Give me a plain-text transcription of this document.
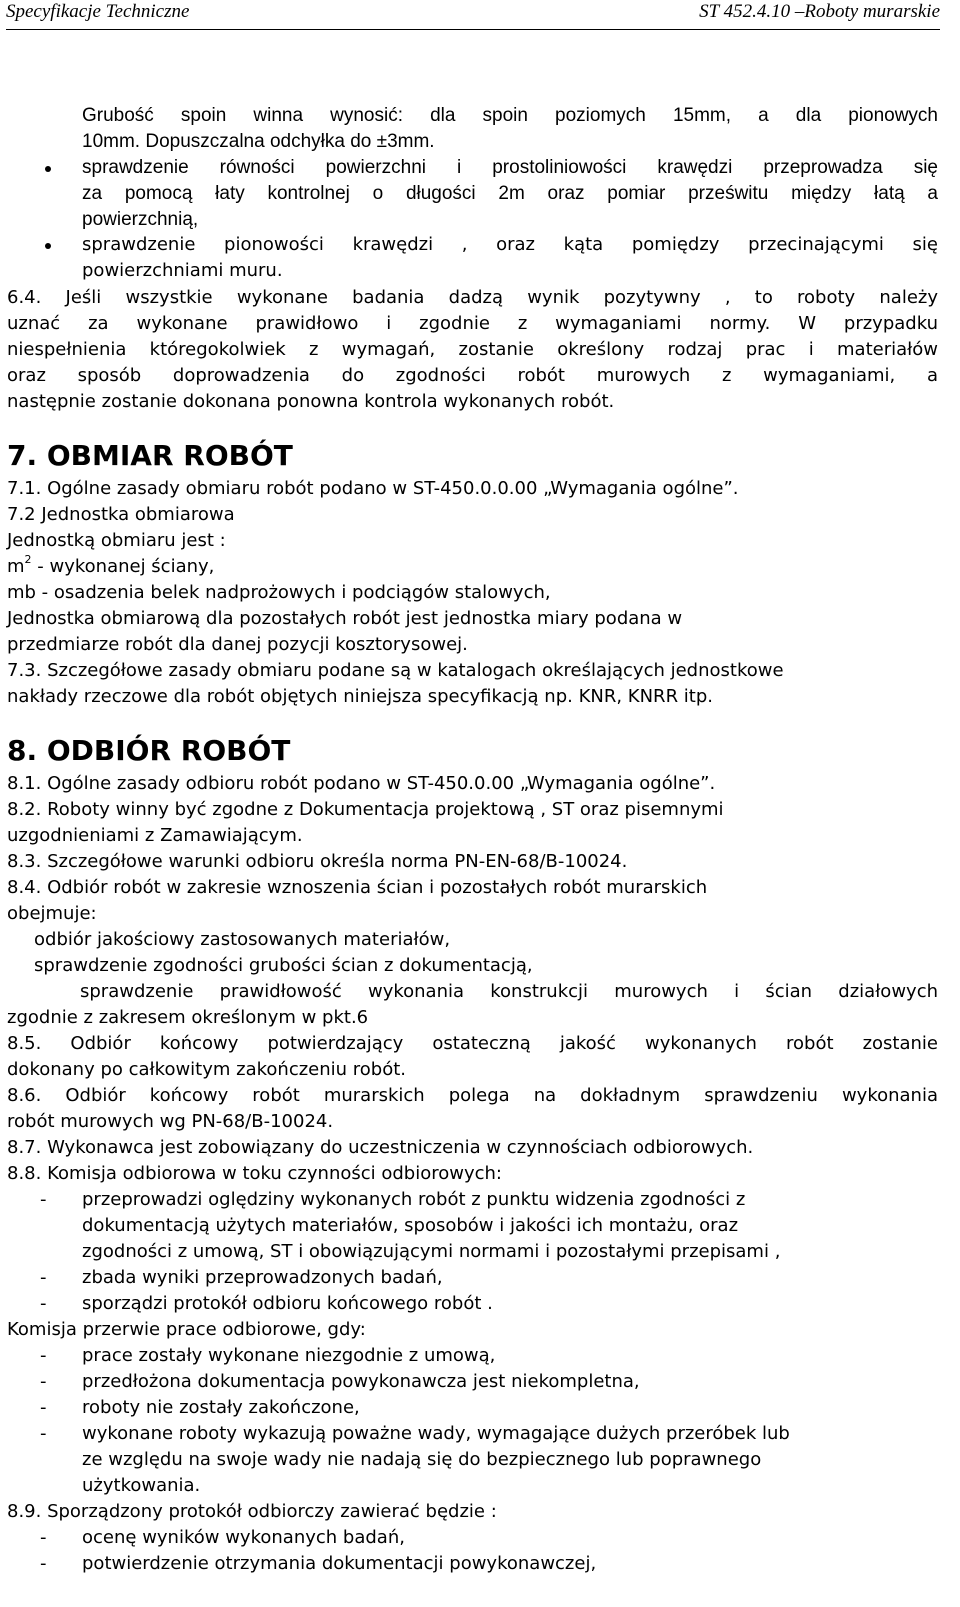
Specyfikacje Techniczne	ST 452.4.10 –Roboty murarskie
Grubość spoin winna wynosić: dla spoin poziomych 15mm, a dla pionowych
10mm. Dopuszczalna odchyłka do ±3mm.
sprawdzenie równości powierzchni i prostoliniowości krawędzi przeprowadza się
za pomocą łaty kontrolnej o długości 2m oraz pomiar prześwitu między łatą a
powierzchnią,
sprawdzenie pionowości krawędzi , oraz kąta pomiędzy przecinającymi się
powierzchniami muru.
6.4. Jeśli wszystkie wykonane badania dadzą wynik pozytywny , to roboty należy
uznać za wykonane prawidłowo i zgodnie z wymaganiami normy. W przypadku
niespełnienia któregokolwiek z wymagań, zostanie określony rodzaj prac i materiałów
oraz sposób doprowadzenia do zgodności robót murowych z wymaganiami, a
następnie zostanie dokonana ponowna kontrola wykonanych robót.
7. OBMIAR ROBÓT
7.1. Ogólne zasady obmiaru robót podano w ST-450.0.0.00 „Wymagania ogólne”.
7.2 Jednostka obmiarowa
Jednostką obmiaru jest :
$m^2$ - wykonanej ściany,
mb - osadzenia belek nadprożowych i podciągów stalowych,
Jednostka obmiarową dla pozostałych robót jest jednostka miary podana w
przedmiarze robót dla danej pozycji kosztorysowej.
7.3. Szczegółowe zasady obmiaru podane są w katalogach określających jednostkowe
nakłady rzeczowe dla robót objętych niniejsza specyfikacją np. KNR, KNRR itp.
8. ODBIÓR ROBÓT
8.1. Ogólne zasady odbioru robót podano w ST-450.0.00 „Wymagania ogólne”.
8.2. Roboty winny być zgodne z Dokumentacja projektową , ST oraz pisemnymi
uzgodnieniami z Zamawiającym.
8.3. Szczegółowe warunki odbioru określa norma PN-EN-68/B-10024.
8.4. Odbiór robót w zakresie wznoszenia ścian i pozostałych robót murarskich
obejmuje:
odbiór jakościowy zastosowanych materiałów,
sprawdzenie zgodności grubości ścian z dokumentacją,
sprawdzenie prawidłowość wykonania konstrukcji murowych i ścian działowych
zgodnie z zakresem określonym w pkt.6
8.5. Odbiór końcowy potwierdzający ostateczną jakość wykonanych robót zostanie
dokonany po całkowitym zakończeniu robót.
8.6. Odbiór końcowy robót murarskich polega na dokładnym sprawdzeniu wykonania
robót murowych wg PN-68/B-10024.
8.7. Wykonawca jest zobowiązany do uczestniczenia w czynnościach odbiorowych.
8.8. Komisja odbiorowa w toku czynności odbiorowych:
- przeprowadzi oględziny wykonanych robót z punktu widzenia zgodności z
dokumentacją użytych materiałów, sposobów i jakości ich montażu, oraz
zgodności z umową, ST i obowiązującymi normami i pozostałymi przepisami ,
- zbada wyniki przeprowadzonych badań,
- sporządzi protokół odbioru końcowego robót .
Komisja przerwie prace odbiorowe, gdy:
- prace zostały wykonane niezgodnie z umową,
- przedłożona dokumentacja powykonawcza jest niekompletna,
- roboty nie zostały zakończone,
- wykonane roboty wykazują poważne wady, wymagające dużych przeróbek lub
ze względu na swoje wady nie nadają się do bezpiecznego lub poprawnego
użytkowania.
8.9. Sporządzony protokół odbiorczy zawierać będzie :
- ocenę wyników wykonanych badań,
- potwierdzenie otrzymania dokumentacji powykonawczej,
